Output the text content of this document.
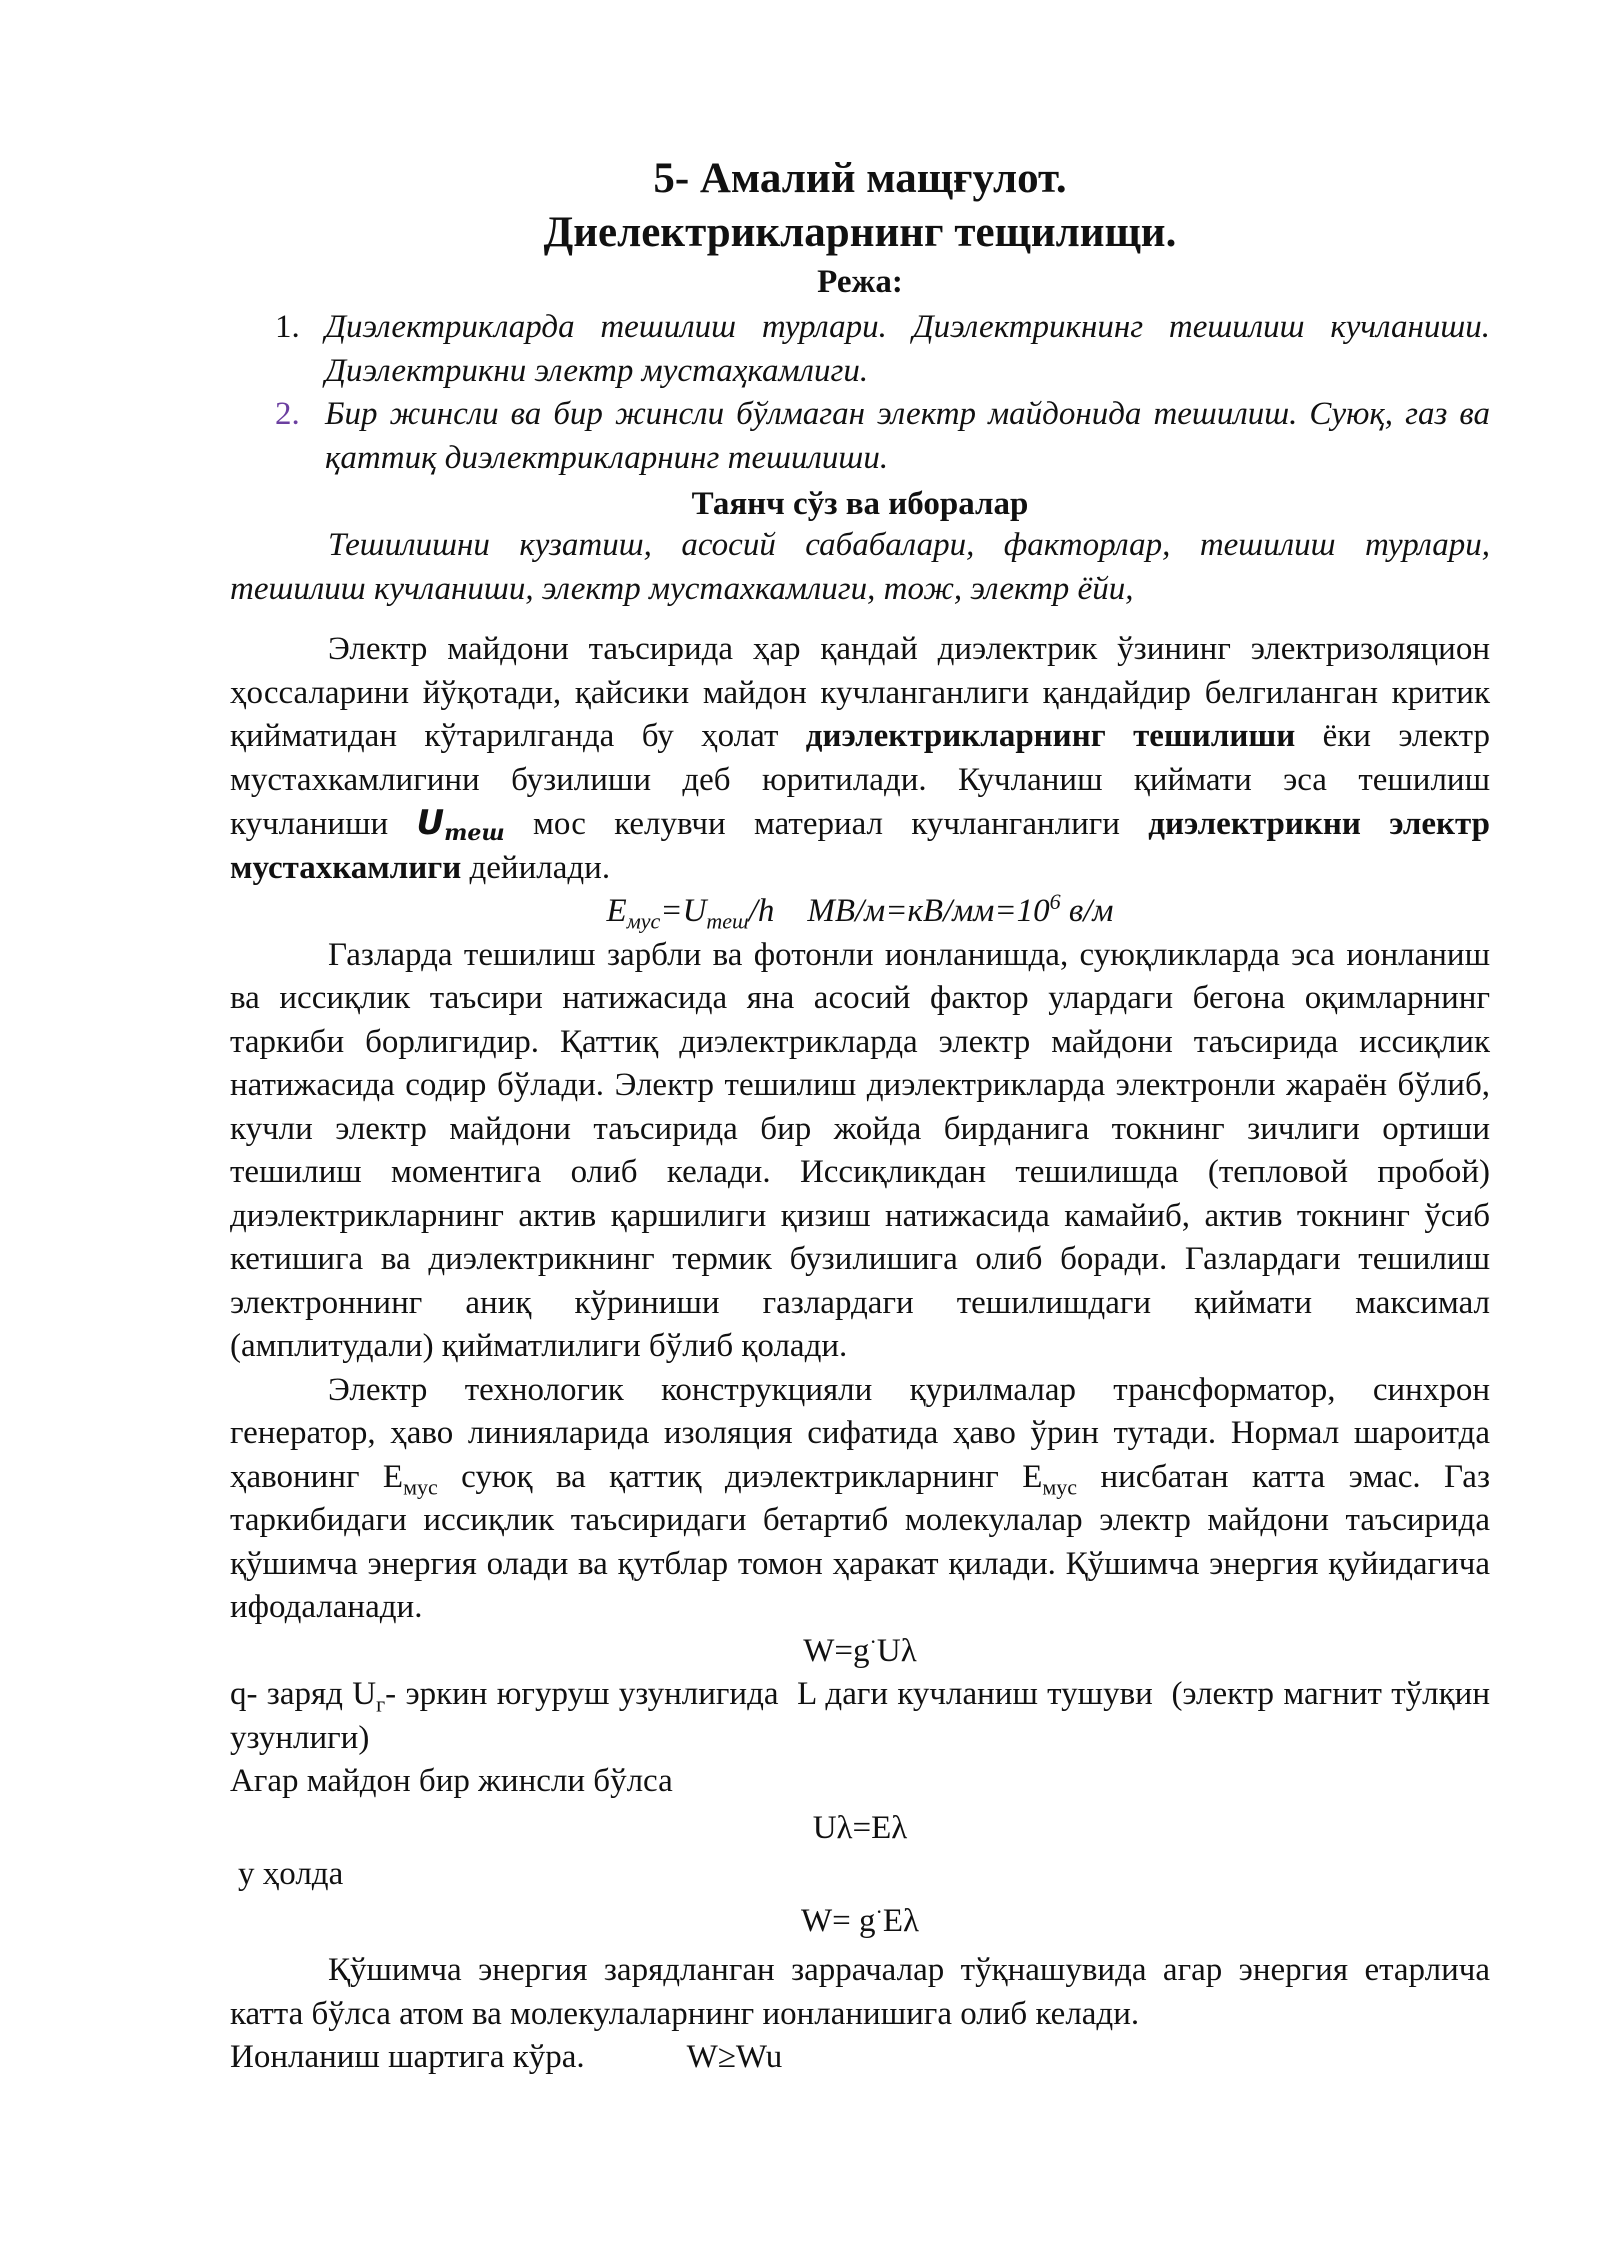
5- Амалий мащғулот.
Диелектрикларнинг тещилищи.
Режа:
1. Диэлектрикларда тешилиш турлари. Диэлектрикнинг тешилиш кучланиши. Диэлектрикни электр мустаҳкамлиги.
2. Бир жинсли ва бир жинсли бўлмаган электр майдонида тешилиш. Суюқ, газ ва қаттиқ диэлектрикларнинг тешилиши.
Таянч сўз ва иборалар
Тешилишни кузатиш, асосий сабабалари, факторлар, тешилиш турлари, тешилиш кучланиши, электр мустахкамлиги, тож, электр ёйи,

Электр майдони таъсирида ҳар қандай диэлектрик ўзининг электризоляцион ҳоссаларини йўқотади, қайсики майдон кучланганлиги қандайдир белгиланган критик қийматидан кўтарилганда бу ҳолат диэлектрикларнинг тешилиши ёки электр мустахкамлигини бузилиши деб юритилади. Кучланиш қиймати эса тешилиш кучланиши Uтеш мос келувчи материал кучланганлиги диэлектрикни электр мустахкамлиги дейилади.

$Е_{мус}=U_{теш}/h$    $МВ/м=кВ/мм=10^6$ в/м

Газларда тешилиш зарбли ва фотонли ионланишда, суюқликларда эса ионланиш ва иссиқлик таъсири натижасида яна асосий фактор улардаги бегона оқимларнинг таркиби борлигидир. Қаттиқ диэлектрикларда электр майдони таъсирида иссиқлик натижасида содир бўлади. Электр тешилиш диэлектрикларда электронли жараён бўлиб, кучли электр майдони таъсирида бир жойда бирданига токнинг зичлиги ортиши тешилиш моментига олиб келади. Иссиқликдан тешилишда (тепловой пробой) диэлектрикларнинг актив қаршилиги қизиш натижасида камайиб, актив токнинг ўсиб кетишига ва диэлектрикнинг термик бузилишига олиб боради. Газлардаги тешилиш электроннинг аниқ кўриниши газлардаги тешилишдаги қиймати максимал (амплитудали) қийматлилиги бўлиб қолади.

Электр технологик конструкцияли қурилмалар трансформатор, синхрон генератор, ҳаво линияларида изоляция сифатида ҳаво ўрин тутади. Нормал шароитда ҳавонинг $Е_{мус}$ суюқ ва қаттиқ диэлектрикларнинг $Е_{мус}$ нисбатан катта эмас. Газ таркибидаги иссиқлик таъсиридаги бетартиб молекулалар электр майдони таъсирида қўшимча энергия олади ва қутблар томон ҳаракат қилади. Қўшимча энергия қуйидагича ифодаланади.

W=g·Uλ

q- заряд $U_г-$ эркин югуруш узунлигида  L даги кучланиш тушуви  (электр магнит тўлқин узунлиги)

Агар майдон бир жинсли бўлса
Uλ=Eλ
у ҳолда
W= g·Eλ

Қўшимча энергия зарядланган заррачалар тўқнашувида агар энергия етарлича катта бўлса атом ва молекулаларнинг ионланишига олиб келади.

Ионланиш шартига кўра.	W≥Wu
